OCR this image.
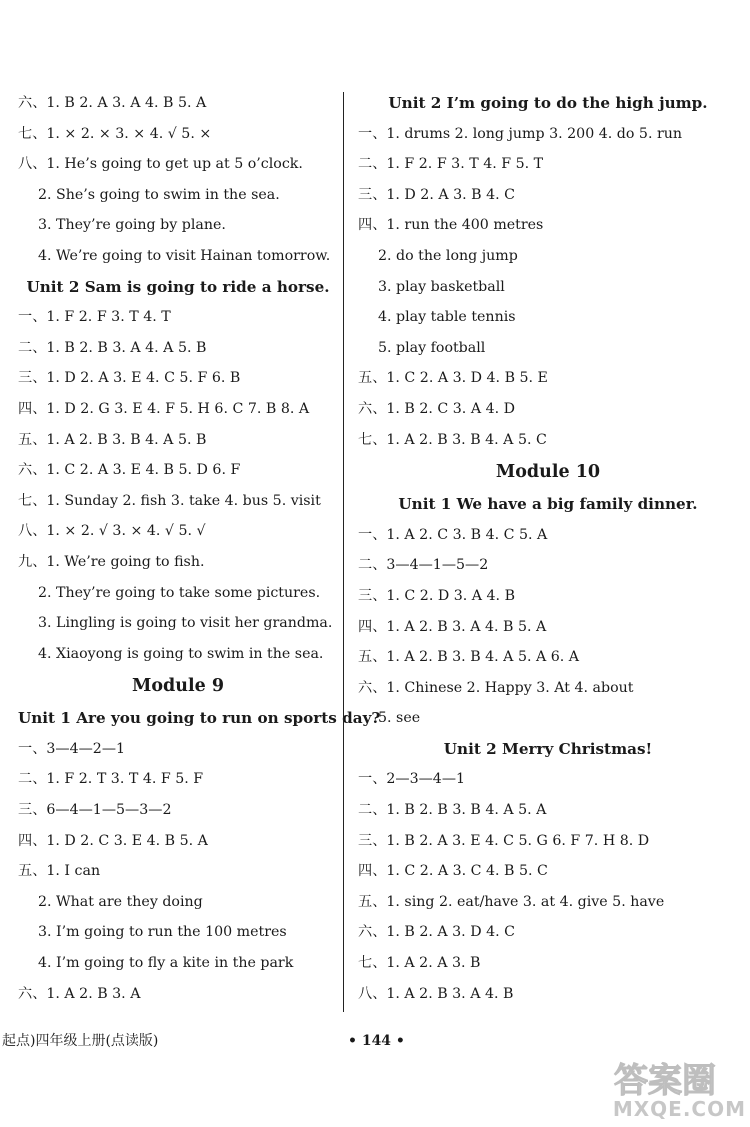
六、1. B 2. A 3. A 4. B 5. A
七、1. × 2. × 3. × 4. √ 5. ×
八、1. He’s going to get up at 5 o’clock.
2. She’s going to swim in the sea.
3. They’re going by plane.
4. We’re going to visit Hainan tomorrow.
Unit 2 Sam is going to ride a horse.
一、1. F 2. F 3. T 4. T
二、1. B 2. B 3. A 4. A 5. B
三、1. D 2. A 3. E 4. C 5. F 6. B
四、1. D 2. G 3. E 4. F 5. H 6. C 7. B 8. A
五、1. A 2. B 3. B 4. A 5. B
六、1. C 2. A 3. E 4. B 5. D 6. F
七、1. Sunday 2. fish 3. take 4. bus 5. visit
八、1. × 2. √ 3. × 4. √ 5. √
九、1. We’re going to fish.
2. They’re going to take some pictures.
3. Lingling is going to visit her grandma.
4. Xiaoyong is going to swim in the sea.
Module 9
Unit 1 Are you going to run on sports day?
一、3—4—2—1
二、1. F 2. T 3. T 4. F 5. F
三、6—4—1—5—3—2
四、1. D 2. C 3. E 4. B 5. A
五、1. I can
2. What are they doing
3. I’m going to run the 100 metres
4. I’m going to fly a kite in the park
六、1. A 2. B 3. A
Unit 2 I’m going to do the high jump.
一、1. drums 2. long jump 3. 200 4. do 5. run
二、1. F 2. F 3. T 4. F 5. T
三、1. D 2. A 3. B 4. C
四、1. run the 400 metres
2. do the long jump
3. play basketball
4. play table tennis
5. play football
五、1. C 2. A 3. D 4. B 5. E
六、1. B 2. C 3. A 4. D
七、1. A 2. B 3. B 4. A 5. C
Module 10
Unit 1 We have a big family dinner.
一、1. A 2. C 3. B 4. C 5. A
二、3—4—1—5—2
三、1. C 2. D 3. A 4. B
四、1. A 2. B 3. A 4. B 5. A
五、1. A 2. B 3. B 4. A 5. A 6. A
六、1. Chinese 2. Happy 3. At 4. about
5. see
Unit 2 Merry Christmas!
一、2—3—4—1
二、1. B 2. B 3. B 4. A 5. A
三、1. B 2. A 3. E 4. C 5. G 6. F 7. H 8. D
四、1. C 2. A 3. C 4. B 5. C
五、1. sing 2. eat/have 3. at 4. give 5. have
六、1. B 2. A 3. D 4. C
七、1. A 2. A 3. B
八、1. A 2. B 3. A 4. B
起点)四年级上册(点读版)	• 144 •
答案圈
MXQE.COM
